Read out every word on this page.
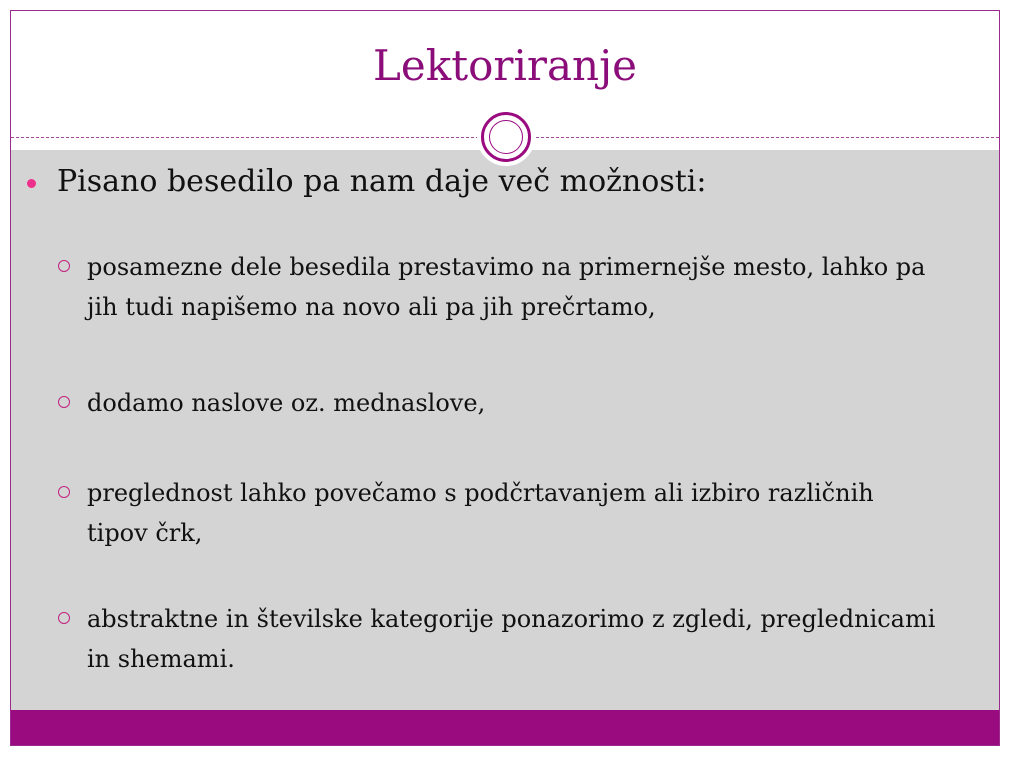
Lektoriranje
Pisano besedilo pa nam daje več možnosti:
posamezne dele besedila prestavimo na primernejše mesto, lahko pa jih tudi napišemo na novo ali pa jih prečrtamo,
dodamo naslove oz. mednaslove,
preglednost lahko povečamo s podčrtavanjem ali izbiro različnih tipov črk,
abstraktne in številske kategorije ponazorimo z zgledi, preglednicami in shemami.
